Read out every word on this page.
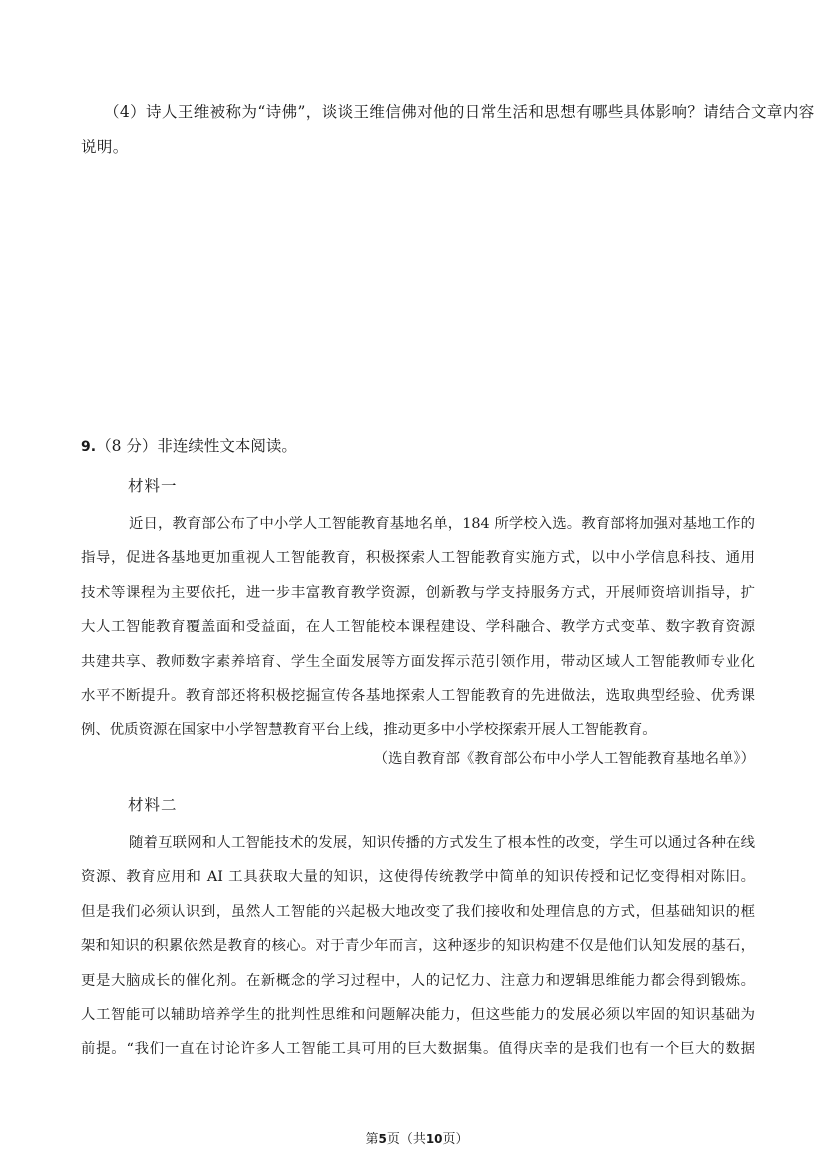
（4）诗人王维被称为“诗佛”，谈谈王维信佛对他的日常生活和思想有哪些具体影响？请结合文章内容
说明。
9.（8 分）非连续性文本阅读。
材料一
近日，教育部公布了中小学人工智能教育基地名单，184 所学校入选。教育部将加强对基地工作的
指导，促进各基地更加重视人工智能教育，积极探索人工智能教育实施方式，以中小学信息科技、通用
技术等课程为主要依托，进一步丰富教育教学资源，创新教与学支持服务方式，开展师资培训指导，扩
大人工智能教育覆盖面和受益面，在人工智能校本课程建设、学科融合、教学方式变革、数字教育资源
共建共享、教师数字素养培育、学生全面发展等方面发挥示范引领作用，带动区域人工智能教师专业化
水平不断提升。教育部还将积极挖掘宣传各基地探索人工智能教育的先进做法，选取典型经验、优秀课
例、优质资源在国家中小学智慧教育平台上线，推动更多中小学校探索开展人工智能教育。
（选自教育部《教育部公布中小学人工智能教育基地名单》）
材料二
随着互联网和人工智能技术的发展，知识传播的方式发生了根本性的改变，学生可以通过各种在线
资源、教育应用和 AI 工具获取大量的知识，这使得传统教学中简单的知识传授和记忆变得相对陈旧。
但是我们必须认识到，虽然人工智能的兴起极大地改变了我们接收和处理信息的方式，但基础知识的框
架和知识的积累依然是教育的核心。对于青少年而言，这种逐步的知识构建不仅是他们认知发展的基石，
更是大脑成长的催化剂。在新概念的学习过程中，人的记忆力、注意力和逻辑思维能力都会得到锻炼。
人工智能可以辅助培养学生的批判性思维和问题解决能力，但这些能力的发展必须以牢固的知识基础为
前提。“我们一直在讨论许多人工智能工具可用的巨大数据集。值得庆幸的是我们也有一个巨大的数据
第5页（共10页）
